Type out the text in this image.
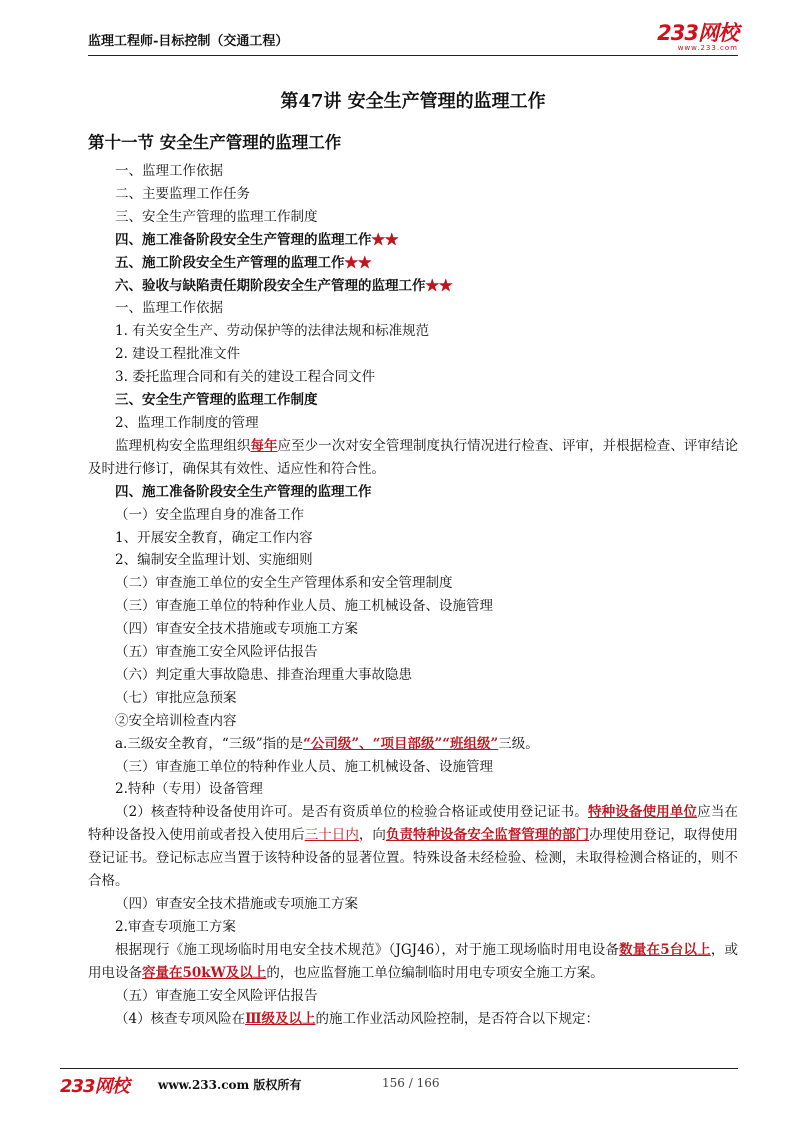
监理工程师-目标控制（交通工程）	233网校
www.233.com
第47讲 安全生产管理的监理工作
第十一节 安全生产管理的监理工作
一、监理工作依据
二、主要监理工作任务
三、安全生产管理的监理工作制度
四、施工准备阶段安全生产管理的监理工作★★
五、施工阶段安全生产管理的监理工作★★
六、验收与缺陷责任期阶段安全生产管理的监理工作★★
一、监理工作依据
1. 有关安全生产、劳动保护等的法律法规和标准规范
2. 建设工程批准文件
3. 委托监理合同和有关的建设工程合同文件
三、安全生产管理的监理工作制度
2、监理工作制度的管理
监理机构安全监理组织每年应至少一次对安全管理制度执行情况进行检查、评审，并根据检查、评审结论及时进行修订，确保其有效性、适应性和符合性。
四、施工准备阶段安全生产管理的监理工作
（一）安全监理自身的准备工作
1、开展安全教育，确定工作内容
2、编制安全监理计划、实施细则
（二）审查施工单位的安全生产管理体系和安全管理制度
（三）审查施工单位的特种作业人员、施工机械设备、设施管理
（四）审查安全技术措施或专项施工方案
（五）审查施工安全风险评估报告
（六）判定重大事故隐患、排查治理重大事故隐患
（七）审批应急预案
②安全培训检查内容
a.三级安全教育，“三级”指的是“公司级”、“项目部级”“班组级”三级。
（三）审查施工单位的特种作业人员、施工机械设备、设施管理
2.特种（专用）设备管理
（2）核查特种设备使用许可。是否有资质单位的检验合格证或使用登记证书。特种设备使用单位应当在特种设备投入使用前或者投入使用后三十日内，向负责特种设备安全监督管理的部门办理使用登记，取得使用登记证书。登记标志应当置于该特种设备的显著位置。特殊设备未经检验、检测，未取得检测合格证的，则不合格。
（四）审查安全技术措施或专项施工方案
2.审查专项施工方案
根据现行《施工现场临时用电安全技术规范》（JGJ46），对于施工现场临时用电设备数量在5台以上，或用电设备容量在50kW及以上的，也应监督施工单位编制临时用电专项安全施工方案。
（五）审查施工安全风险评估报告
（4）核查专项风险在Ⅲ级及以上的施工作业活动风险控制，是否符合以下规定：
233网校 www.233.com 版权所有	156 / 166
